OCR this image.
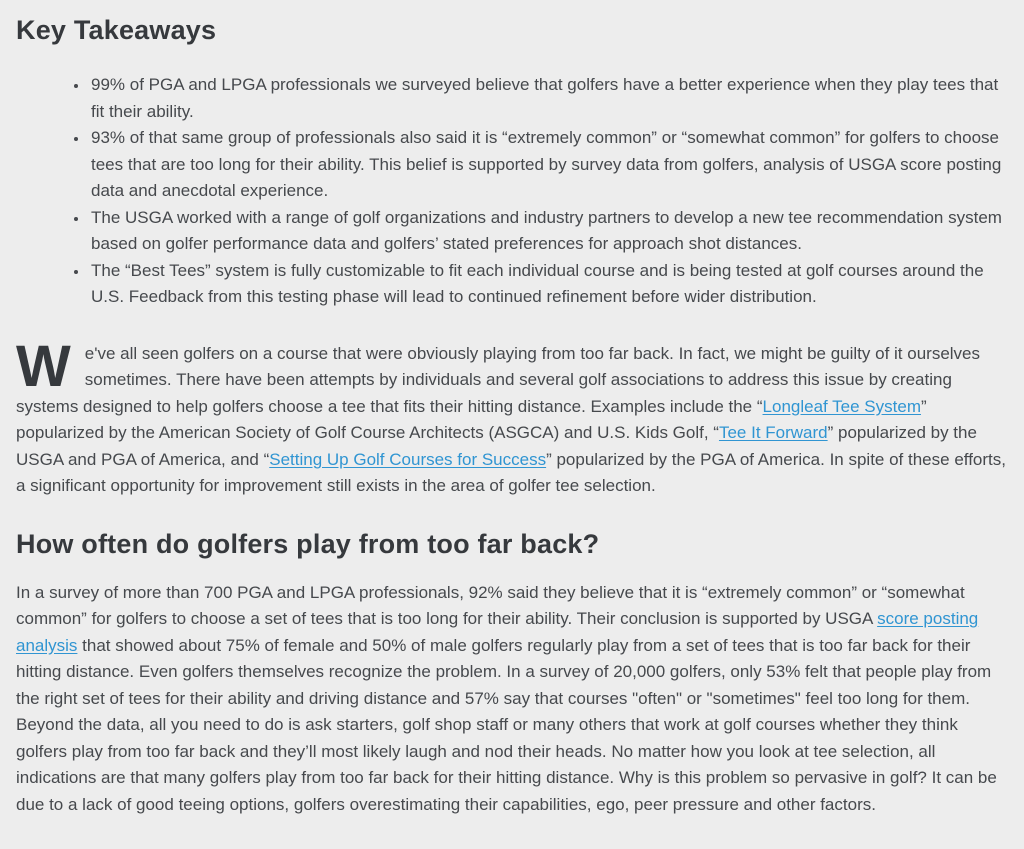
Key Takeaways
• 99% of PGA and LPGA professionals we surveyed believe that golfers have a better experience when they play tees that fit their ability.
• 93% of that same group of professionals also said it is “extremely common” or “somewhat common” for golfers to choose tees that are too long for their ability. This belief is supported by survey data from golfers, analysis of USGA score posting data and anecdotal experience.
• The USGA worked with a range of golf organizations and industry partners to develop a new tee recommendation system based on golfer performance data and golfers’ stated preferences for approach shot distances.
• The “Best Tees” system is fully customizable to fit each individual course and is being tested at golf courses around the U.S. Feedback from this testing phase will lead to continued refinement before wider distribution.

We've all seen golfers on a course that were obviously playing from too far back. In fact, we might be guilty of it ourselves sometimes. There have been attempts by individuals and several golf associations to address this issue by creating systems designed to help golfers choose a tee that fits their hitting distance. Examples include the “Longleaf Tee System” popularized by the American Society of Golf Course Architects (ASGCA) and U.S. Kids Golf, “Tee It Forward” popularized by the USGA and PGA of America, and “Setting Up Golf Courses for Success” popularized by the PGA of America. In spite of these efforts, a significant opportunity for improvement still exists in the area of golfer tee selection.

How often do golfers play from too far back?

In a survey of more than 700 PGA and LPGA professionals, 92% said they believe that it is “extremely common” or “somewhat common” for golfers to choose a set of tees that is too long for their ability. Their conclusion is supported by USGA score posting analysis that showed about 75% of female and 50% of male golfers regularly play from a set of tees that is too far back for their hitting distance. Even golfers themselves recognize the problem. In a survey of 20,000 golfers, only 53% felt that people play from the right set of tees for their ability and driving distance and 57% say that courses "often" or "sometimes" feel too long for them. Beyond the data, all you need to do is ask starters, golf shop staff or many others that work at golf courses whether they think golfers play from too far back and they’ll most likely laugh and nod their heads. No matter how you look at tee selection, all indications are that many golfers play from too far back for their hitting distance. Why is this problem so pervasive in golf? It can be due to a lack of good teeing options, golfers overestimating their capabilities, ego, peer pressure and other factors.
